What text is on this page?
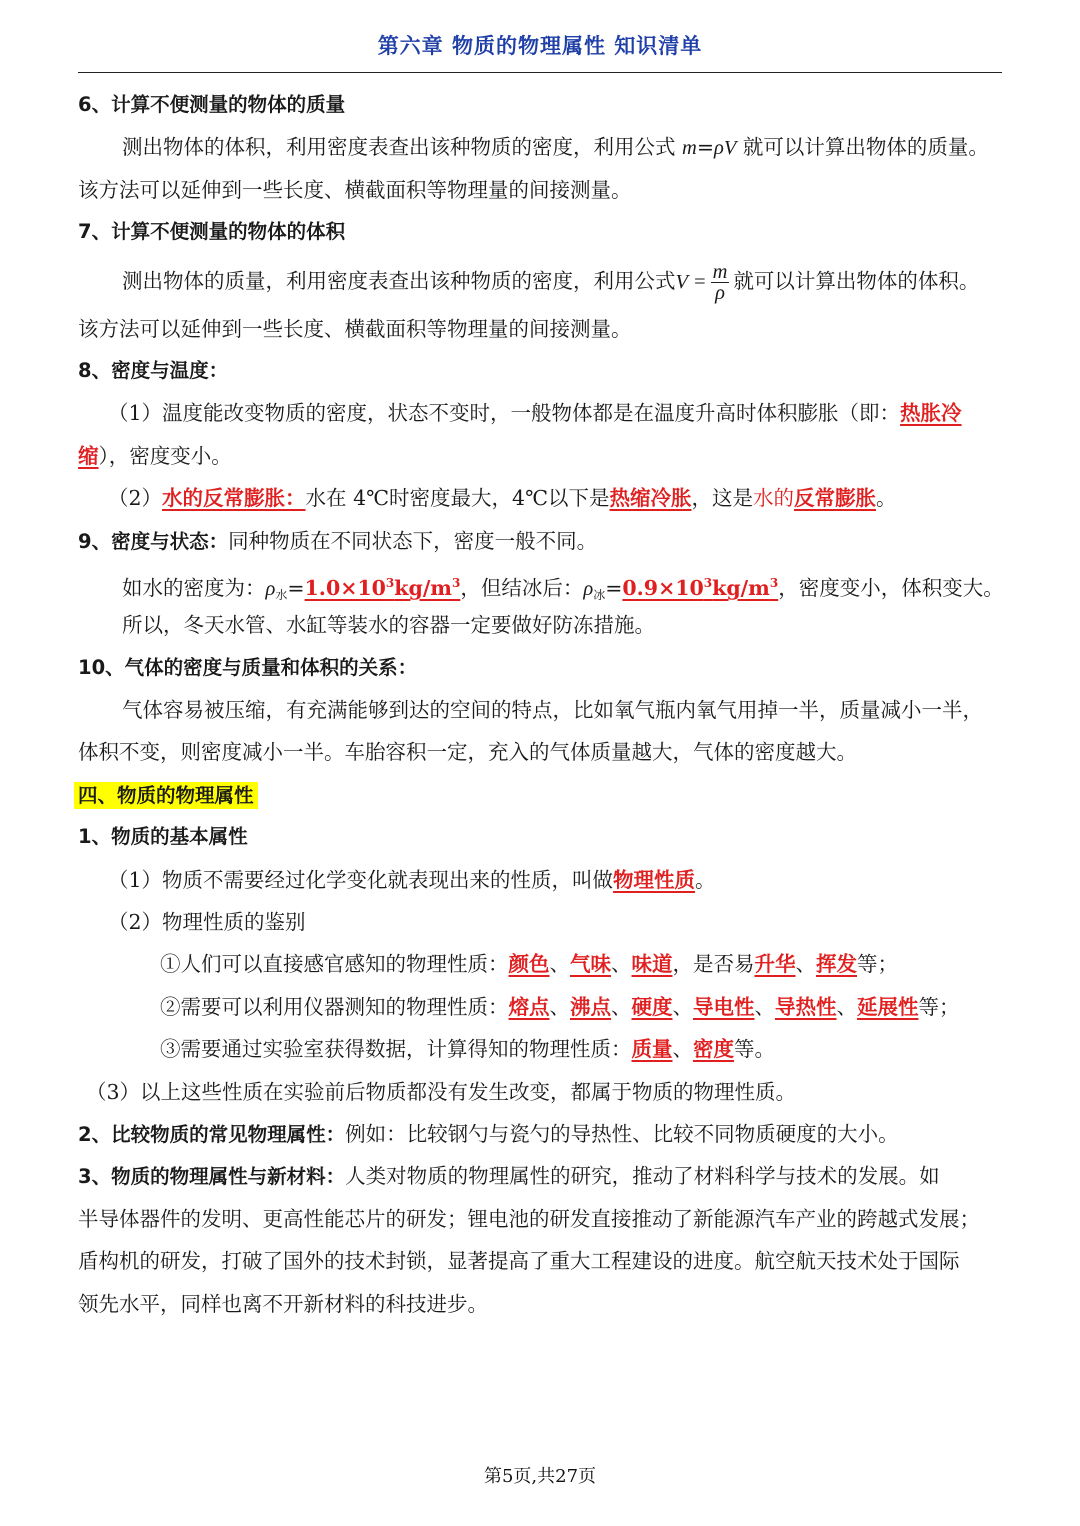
第六章 物质的物理属性 知识清单
6、计算不便测量的物体的质量
测出物体的体积，利用密度表查出该种物质的密度，利用公式 m=ρV 就可以计算出物体的质量。
该方法可以延伸到一些长度、横截面积等物理量的间接测量。
7、计算不便测量的物体的体积
测出物体的质量，利用密度表查出该种物质的密度，利用公式$V = \frac{m}{\rho}$ 就可以计算出物体的体积。
该方法可以延伸到一些长度、横截面积等物理量的间接测量。
8、密度与温度：
（1）温度能改变物质的密度，状态不变时，一般物体都是在温度升高时体积膨胀（即：热胀冷
缩），密度变小。
（2）水的反常膨胀：水在 4℃时密度最大，4℃以下是热缩冷胀，这是水的反常膨胀。
9、密度与状态：同种物质在不同状态下，密度一般不同。
如水的密度为：$\rho_水=1.0\times 10^3kg/m^3$，但结冰后：$\rho_冰=0.9\times 10^3kg/m^3$，密度变小，体积变大。
所以，冬天水管、水缸等装水的容器一定要做好防冻措施。
10、气体的密度与质量和体积的关系：
气体容易被压缩，有充满能够到达的空间的特点，比如氧气瓶内氧气用掉一半，质量减小一半，
体积不变，则密度减小一半。车胎容积一定，充入的气体质量越大，气体的密度越大。
四、物质的物理属性
1、物质的基本属性
（1）物质不需要经过化学变化就表现出来的性质，叫做物理性质。
（2）物理性质的鉴别
①人们可以直接感官感知的物理性质：颜色、气味、味道，是否易升华、挥发等；
②需要可以利用仪器测知的物理性质：熔点、沸点、硬度、导电性、导热性、延展性等；
③需要通过实验室获得数据，计算得知的物理性质：质量、密度等。
（3）以上这些性质在实验前后物质都没有发生改变，都属于物质的物理性质。
2、比较物质的常见物理属性：例如：比较钢勺与瓷勺的导热性、比较不同物质硬度的大小。
3、物质的物理属性与新材料：人类对物质的物理属性的研究，推动了材料科学与技术的发展。如
半导体器件的发明、更高性能芯片的研发；锂电池的研发直接推动了新能源汽车产业的跨越式发展；
盾构机的研发，打破了国外的技术封锁，显著提高了重大工程建设的进度。航空航天技术处于国际
领先水平，同样也离不开新材料的科技进步。
第5页,共27页
